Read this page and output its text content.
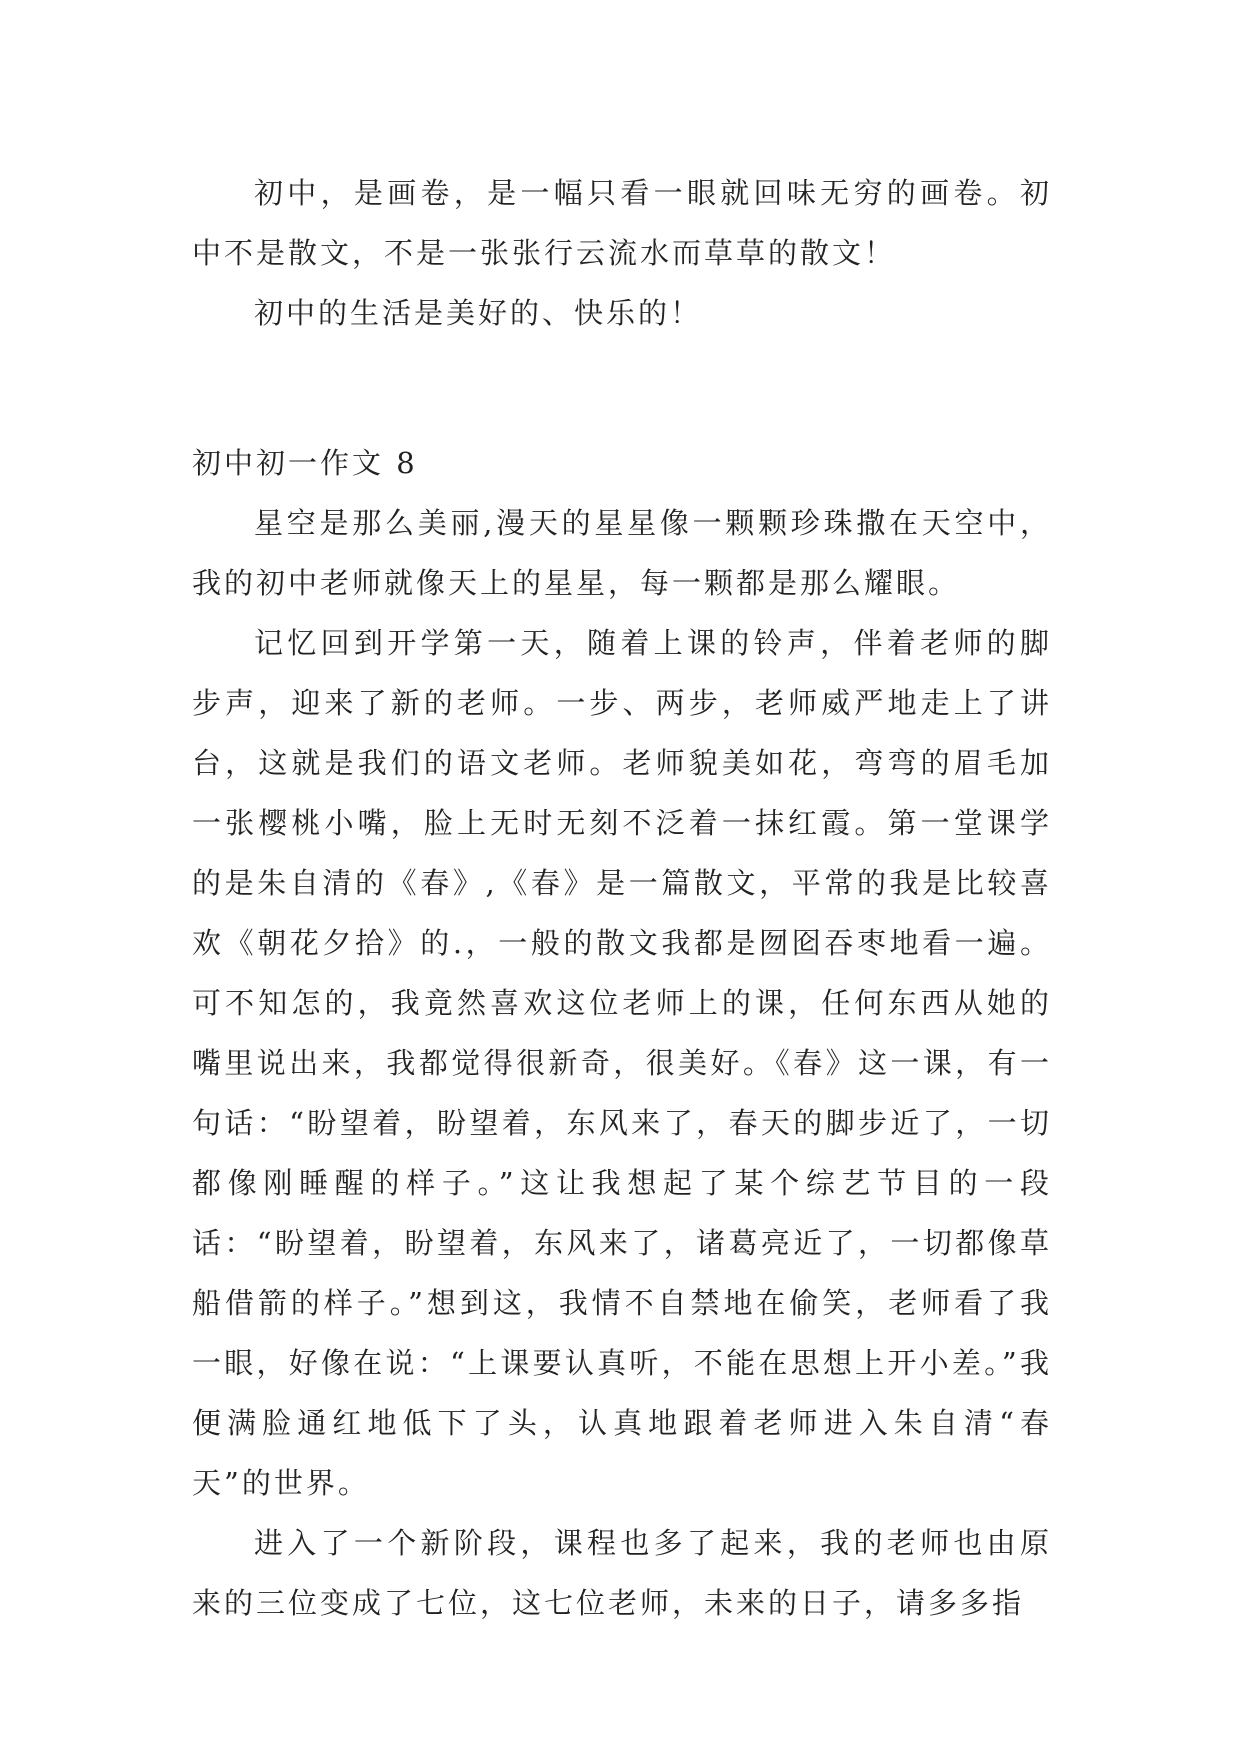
初中，是画卷，是一幅只看一眼就回味无穷的画卷。初中不是散文，不是一张张行云流水而草草的散文！

初中的生活是美好的、快乐的！

初中初一作文 8

星空是那么美丽,漫天的星星像一颗颗珍珠撒在天空中，我的初中老师就像天上的星星，每一颗都是那么耀眼。

记忆回到开学第一天，随着上课的铃声，伴着老师的脚步声，迎来了新的老师。一步、两步，老师威严地走上了讲台，这就是我们的语文老师。老师貌美如花，弯弯的眉毛加一张樱桃小嘴，脸上无时无刻不泛着一抹红霞。第一堂课学的是朱自清的《春》,《春》是一篇散文，平常的我是比较喜欢《朝花夕拾》的.，一般的散文我都是囫囵吞枣地看一遍。可不知怎的，我竟然喜欢这位老师上的课，任何东西从她的嘴里说出来，我都觉得很新奇，很美好。《春》这一课，有一句话：“盼望着，盼望着，东风来了，春天的脚步近了，一切都像刚睡醒的样子。”这让我想起了某个综艺节目的一段话：“盼望着，盼望着，东风来了，诸葛亮近了，一切都像草船借箭的样子。”想到这，我情不自禁地在偷笑，老师看了我一眼，好像在说：“上课要认真听，不能在思想上开小差。”我便满脸通红地低下了头，认真地跟着老师进入朱自清“春天”的世界。

进入了一个新阶段，课程也多了起来，我的老师也由原来的三位变成了七位，这七位老师，未来的日子，请多多指
